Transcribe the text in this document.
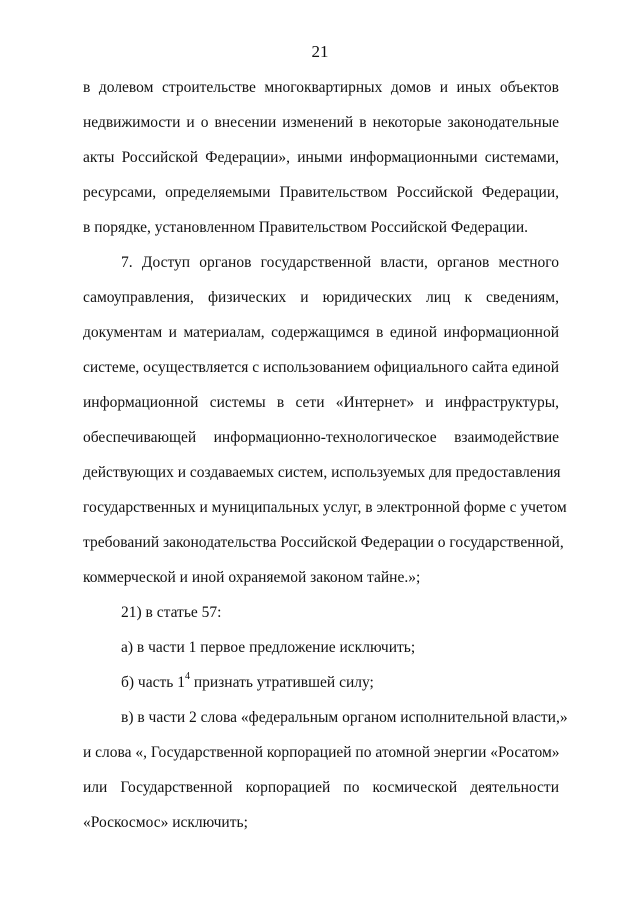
21
в долевом строительстве многоквартирных домов и иных объектов
недвижимости и о внесении изменений в некоторые законодательные
акты Российской Федерации», иными информационными системами,
ресурсами, определяемыми Правительством Российской Федерации,
в порядке, установленном Правительством Российской Федерации.
7. Доступ органов государственной власти, органов местного
самоуправления, физических и юридических лиц к сведениям,
документам и материалам, содержащимся в единой информационной
системе, осуществляется с использованием официального сайта единой
информационной системы в сети «Интернет» и инфраструктуры,
обеспечивающей информационно-технологическое взаимодействие
действующих и создаваемых систем, используемых для предоставления
государственных и муниципальных услуг, в электронной форме с учетом
требований законодательства Российской Федерации о государственной,
коммерческой и иной охраняемой законом тайне.»;
21) в статье 57:
а) в части 1 первое предложение исключить;
б) часть $1^4$ признать утратившей силу;
в) в части 2 слова «федеральным органом исполнительной власти,»
и слова «, Государственной корпорацией по атомной энергии «Росатом»
или Государственной корпорацией по космической деятельности
«Роскосмос» исключить;
